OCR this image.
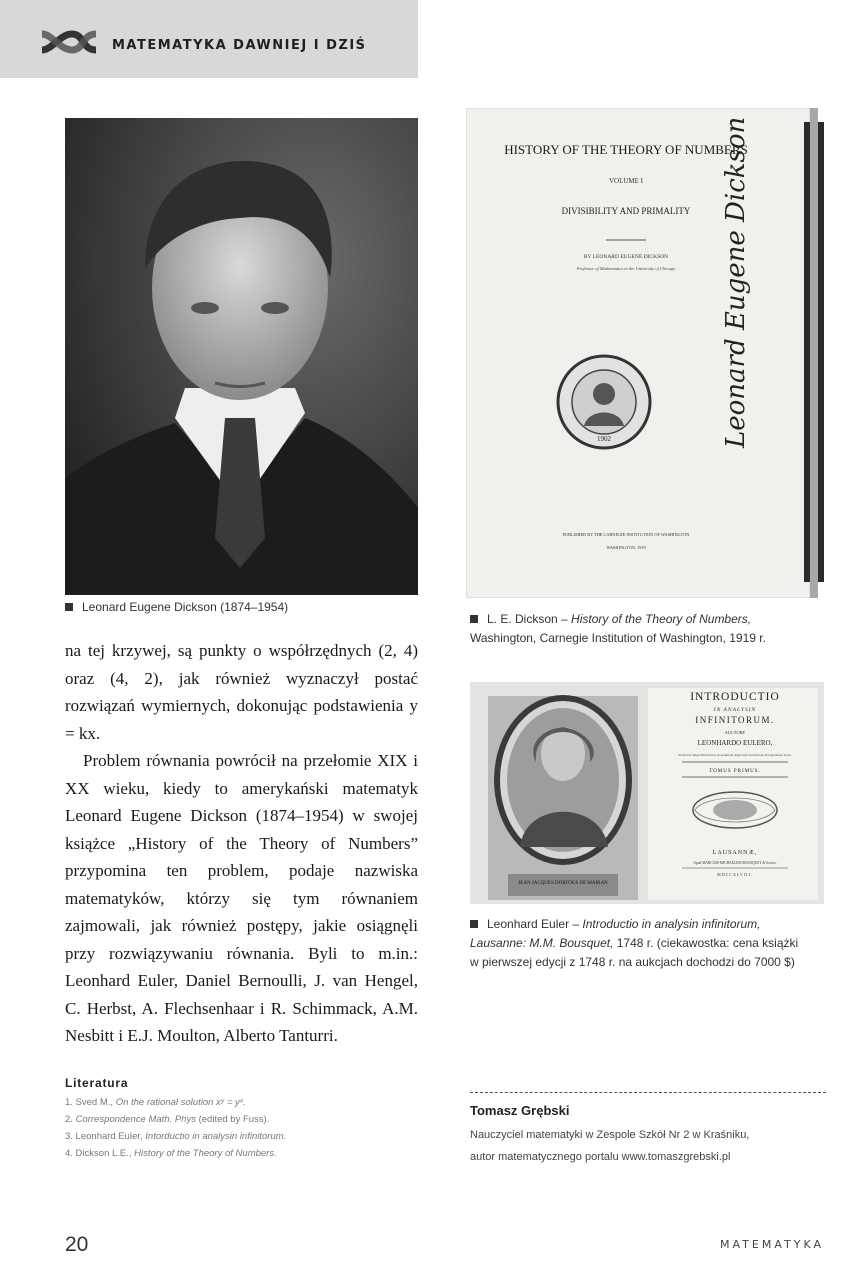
MATEMATYKA DAWNIEJ I DZIŚ
Leonard Eugene Dickson (1874–1954)

na tej krzywej, są punkty o współrzędnych (2, 4) oraz (4, 2), jak również wyznaczył postać rozwiązań wymiernych, dokonując podstawienia y = kx.

Problem równania powrócił na przełomie XIX i XX wieku, kiedy to amerykański matematyk Leonard Eugene Dickson (1874–1954) w swojej książce „History of the Theory of Numbers” przypomina ten problem, podaje nazwiska matematyków, którzy się tym równaniem zajmowali, jak również postępy, jakie osiągnęli przy rozwiązywaniu równania. Byli to m.in.: Leonhard Euler, Daniel Bernoulli, J. van Hengel, C. Herbst, A. Flechsenhaar i R. Schimmack, A.M. Nesbitt i E.J. Moulton, Alberto Tanturri.

HISTORY OF THE THEORY OF NUMBERS
VOLUME I
DIVISIBILITY AND PRIMALITY
BY LEONARD EUGENE DICKSON
Professor of Mathematics in the University of Chicago
1902
PUBLISHED BY THE CARNEGIE INSTITUTION OF WASHINGTON
WASHINGTON, 1919
Leonard Eugene Dickson
L. E. Dickson – History of the Theory of Numbers,
Washington, Carnegie Institution of Washington, 1919 r.
JEAN JACQUES DORTOUS DE MAIRAN
INTRODUCTIO
IN ANALYSIN
INFINITORUM.
AUCTORE
LEONHARDO EULERO,
Professore Regio Berolinensi, & Academiæ Imperialis Scientiarum Petropolitanæ Socio.
TOMUS PRIMUS.
LAUSANNÆ,
Apud MARCUM-MICHAELEM BOUSQUET & Socios.
MDCCXLVIII.
Leonhard Euler – Introductio in analysin infinitorum,
Lausanne: M.M. Bousquet, 1748 r. (ciekawostka: cena książki
w pierwszej edycji z 1748 r. na aukcjach dochodzi do 7000 $)
Literatura
1. Sved M., On the rational solution xʸ = yˣ.
2. Correspondence Math. Phys (edited by Fuss).
3. Leonhard Euler, Intorductio in analysin infinitorum.
4. Dickson L.E., History of the Theory of Numbers.
Tomasz Grębski
Nauczyciel matematyki w Zespole Szkół Nr 2 w Kraśniku,
autor matematycznego portalu www.tomaszgrebski.pl
20	MATEMATYKA
